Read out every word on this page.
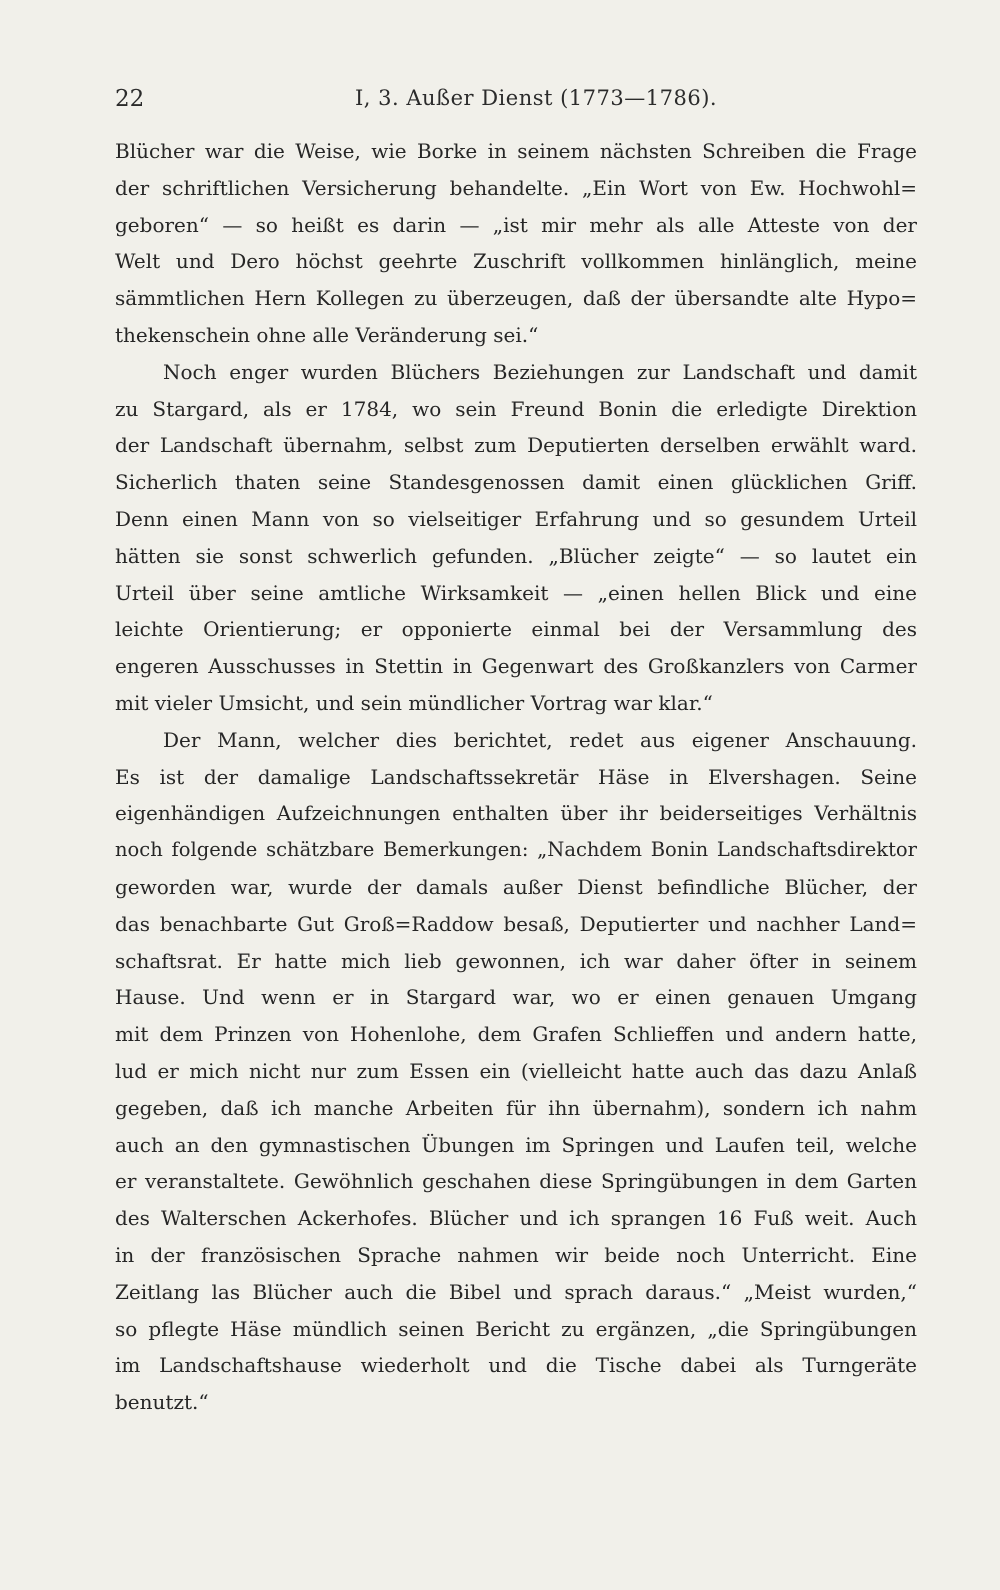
22	I, 3. Außer Dienst (1773—1786).
Blücher war die Weise, wie Borke in seinem nächsten Schreiben die Frage
der schriftlichen Versicherung behandelte. „Ein Wort von Ew. Hochwohl=
geboren“ — so heißt es darin — „ist mir mehr als alle Atteste von der
Welt und Dero höchst geehrte Zuschrift vollkommen hinlänglich, meine
sämmtlichen Hern Kollegen zu überzeugen, daß der übersandte alte Hypo=
thekenschein ohne alle Veränderung sei.“
Noch enger wurden Blüchers Beziehungen zur Landschaft und damit
zu Stargard, als er 1784, wo sein Freund Bonin die erledigte Direktion
der Landschaft übernahm, selbst zum Deputierten derselben erwählt ward.
Sicherlich thaten seine Standesgenossen damit einen glücklichen Griff.
Denn einen Mann von so vielseitiger Erfahrung und so gesundem Urteil
hätten sie sonst schwerlich gefunden. „Blücher zeigte“ — so lautet ein
Urteil über seine amtliche Wirksamkeit — „einen hellen Blick und eine
leichte Orientierung; er opponierte einmal bei der Versammlung des
engeren Ausschusses in Stettin in Gegenwart des Großkanzlers von Carmer
mit vieler Umsicht, und sein mündlicher Vortrag war klar.“
Der Mann, welcher dies berichtet, redet aus eigener Anschauung.
Es ist der damalige Landschaftssekretär Häse in Elvershagen. Seine
eigenhändigen Aufzeichnungen enthalten über ihr beiderseitiges Verhältnis
noch folgende schätzbare Bemerkungen: „Nachdem Bonin Landschaftsdirektor
geworden war, wurde der damals außer Dienst befindliche Blücher, der
das benachbarte Gut Groß=Raddow besaß, Deputierter und nachher Land=
schaftsrat. Er hatte mich lieb gewonnen, ich war daher öfter in seinem
Hause. Und wenn er in Stargard war, wo er einen genauen Umgang
mit dem Prinzen von Hohenlohe, dem Grafen Schlieffen und andern hatte,
lud er mich nicht nur zum Essen ein (vielleicht hatte auch das dazu Anlaß
gegeben, daß ich manche Arbeiten für ihn übernahm), sondern ich nahm
auch an den gymnastischen Übungen im Springen und Laufen teil, welche
er veranstaltete. Gewöhnlich geschahen diese Springübungen in dem Garten
des Walterschen Ackerhofes. Blücher und ich sprangen 16 Fuß weit. Auch
in der französischen Sprache nahmen wir beide noch Unterricht. Eine
Zeitlang las Blücher auch die Bibel und sprach daraus.“ „Meist wurden,“
so pflegte Häse mündlich seinen Bericht zu ergänzen, „die Springübungen
im Landschaftshause wiederholt und die Tische dabei als Turngeräte
benutzt.“
